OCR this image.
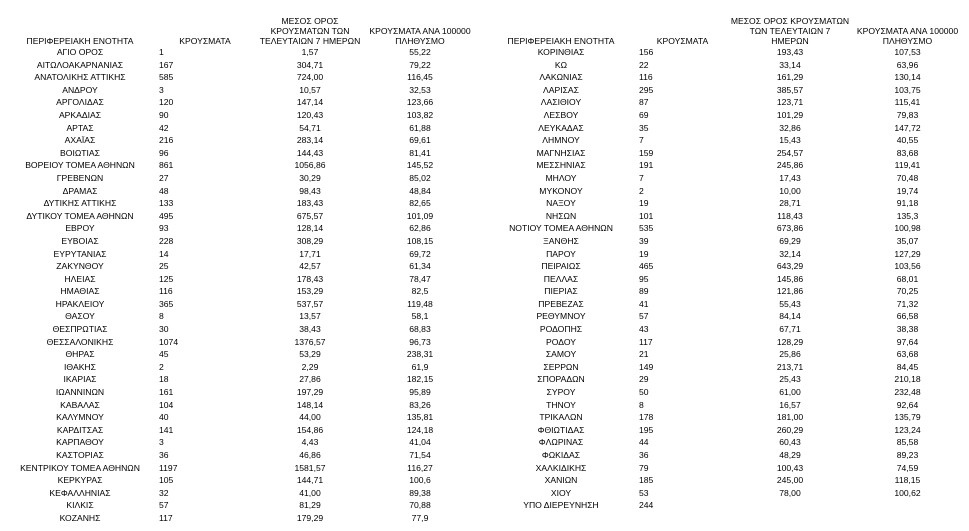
ΠΕΡΙΦΕΡΕΙΑΚΗ ΕΝΟΤΗΤΑ	ΚΡΟΥΣΜΑΤΑ	ΜΕΣΟΣ ΟΡΟΣ ΚΡΟΥΣΜΑΤΩΝ ΤΩΝ ΤΕΛΕΥΤΑΙΩΝ 7 ΗΜΕΡΩΝ	ΚΡΟΥΣΜΑΤΑ ΑΝΑ 100000 ΠΛΗΘΥΣΜΟ
ΑΓΙΟ ΟΡΟΣ	1	1,57	55,22
ΑΙΤΩΛΟΑΚΑΡΝΑΝΙΑΣ	167	304,71	79,22
ΑΝΑΤΟΛΙΚΗΣ ΑΤΤΙΚΗΣ	585	724,00	116,45
ΑΝΔΡΟΥ	3	10,57	32,53
ΑΡΓΟΛΙΔΑΣ	120	147,14	123,66
ΑΡΚΑΔΙΑΣ	90	120,43	103,82
ΑΡΤΑΣ	42	54,71	61,88
ΑΧΑΪΑΣ	216	283,14	69,61
ΒΟΙΩΤΙΑΣ	96	144,43	81,41
ΒΟΡΕΙΟΥ ΤΟΜΕΑ ΑΘΗΝΩΝ	861	1056,86	145,52
ΓΡΕΒΕΝΩΝ	27	30,29	85,02
ΔΡΑΜΑΣ	48	98,43	48,84
ΔΥΤΙΚΗΣ ΑΤΤΙΚΗΣ	133	183,43	82,65
ΔΥΤΙΚΟΥ ΤΟΜΕΑ ΑΘΗΝΩΝ	495	675,57	101,09
ΕΒΡΟΥ	93	128,14	62,86
ΕΥΒΟΙΑΣ	228	308,29	108,15
ΕΥΡΥΤΑΝΙΑΣ	14	17,71	69,72
ΖΑΚΥΝΘΟΥ	25	42,57	61,34
ΗΛΕΙΑΣ	125	178,43	78,47
ΗΜΑΘΙΑΣ	116	153,29	82,5
ΗΡΑΚΛΕΙΟΥ	365	537,57	119,48
ΘΑΣΟΥ	8	13,57	58,1
ΘΕΣΠΡΩΤΙΑΣ	30	38,43	68,83
ΘΕΣΣΑΛΟΝΙΚΗΣ	1074	1376,57	96,73
ΘΗΡΑΣ	45	53,29	238,31
ΙΘΑΚΗΣ	2	2,29	61,9
ΙΚΑΡΙΑΣ	18	27,86	182,15
ΙΩΑΝΝΙΝΩΝ	161	197,29	95,89
ΚΑΒΑΛΑΣ	104	148,14	83,26
ΚΑΛΥΜΝΟΥ	40	44,00	135,81
ΚΑΡΔΙΤΣΑΣ	141	154,86	124,18
ΚΑΡΠΑΘΟΥ	3	4,43	41,04
ΚΑΣΤΟΡΙΑΣ	36	46,86	71,54
ΚΕΝΤΡΙΚΟΥ ΤΟΜΕΑ ΑΘΗΝΩΝ	1197	1581,57	116,27
ΚΕΡΚΥΡΑΣ	105	144,71	100,6
ΚΕΦΑΛΛΗΝΙΑΣ	32	41,00	89,38
ΚΙΛΚΙΣ	57	81,29	70,88
ΚΟΖΑΝΗΣ	117	179,29	77,9
ΠΕΡΙΦΕΡΕΙΑΚΗ ΕΝΟΤΗΤΑ	ΚΡΟΥΣΜΑΤΑ	ΜΕΣΟΣ ΟΡΟΣ ΚΡΟΥΣΜΑΤΩΝ ΤΩΝ ΤΕΛΕΥΤΑΙΩΝ 7 ΗΜΕΡΩΝ	ΚΡΟΥΣΜΑΤΑ ΑΝΑ 100000 ΠΛΗΘΥΣΜΟ
ΚΟΡΙΝΘΙΑΣ	156	193,43	107,53
ΚΩ	22	33,14	63,96
ΛΑΚΩΝΙΑΣ	116	161,29	130,14
ΛΑΡΙΣΑΣ	295	385,57	103,75
ΛΑΣΙΘΙΟΥ	87	123,71	115,41
ΛΕΣΒΟΥ	69	101,29	79,83
ΛΕΥΚΑΔΑΣ	35	32,86	147,72
ΛΗΜΝΟΥ	7	15,43	40,55
ΜΑΓΝΗΣΙΑΣ	159	254,57	83,68
ΜΕΣΣΗΝΙΑΣ	191	245,86	119,41
ΜΗΛΟΥ	7	17,43	70,48
ΜΥΚΟΝΟΥ	2	10,00	19,74
ΝΑΞΟΥ	19	28,71	91,18
ΝΗΣΩΝ	101	118,43	135,3
ΝΟΤΙΟΥ ΤΟΜΕΑ ΑΘΗΝΩΝ	535	673,86	100,98
ΞΑΝΘΗΣ	39	69,29	35,07
ΠΑΡΟΥ	19	32,14	127,29
ΠΕΙΡΑΙΩΣ	465	643,29	103,56
ΠΕΛΛΑΣ	95	145,86	68,01
ΠΙΕΡΙΑΣ	89	121,86	70,25
ΠΡΕΒΕΖΑΣ	41	55,43	71,32
ΡΕΘΥΜΝΟΥ	57	84,14	66,58
ΡΟΔΟΠΗΣ	43	67,71	38,38
ΡΟΔΟΥ	117	128,29	97,64
ΣΑΜΟΥ	21	25,86	63,68
ΣΕΡΡΩΝ	149	213,71	84,45
ΣΠΟΡΑΔΩΝ	29	25,43	210,18
ΣΥΡΟΥ	50	61,00	232,48
ΤΗΝΟΥ	8	16,57	92,64
ΤΡΙΚΑΛΩΝ	178	181,00	135,79
ΦΘΙΩΤΙΔΑΣ	195	260,29	123,24
ΦΛΩΡΙΝΑΣ	44	60,43	85,58
ΦΩΚΙΔΑΣ	36	48,29	89,23
ΧΑΛΚΙΔΙΚΗΣ	79	100,43	74,59
ΧΑΝΙΩΝ	185	245,00	118,15
ΧΙΟΥ	53	78,00	100,62
ΥΠΟ ΔΙΕΡΕΥΝΗΣΗ	244		
